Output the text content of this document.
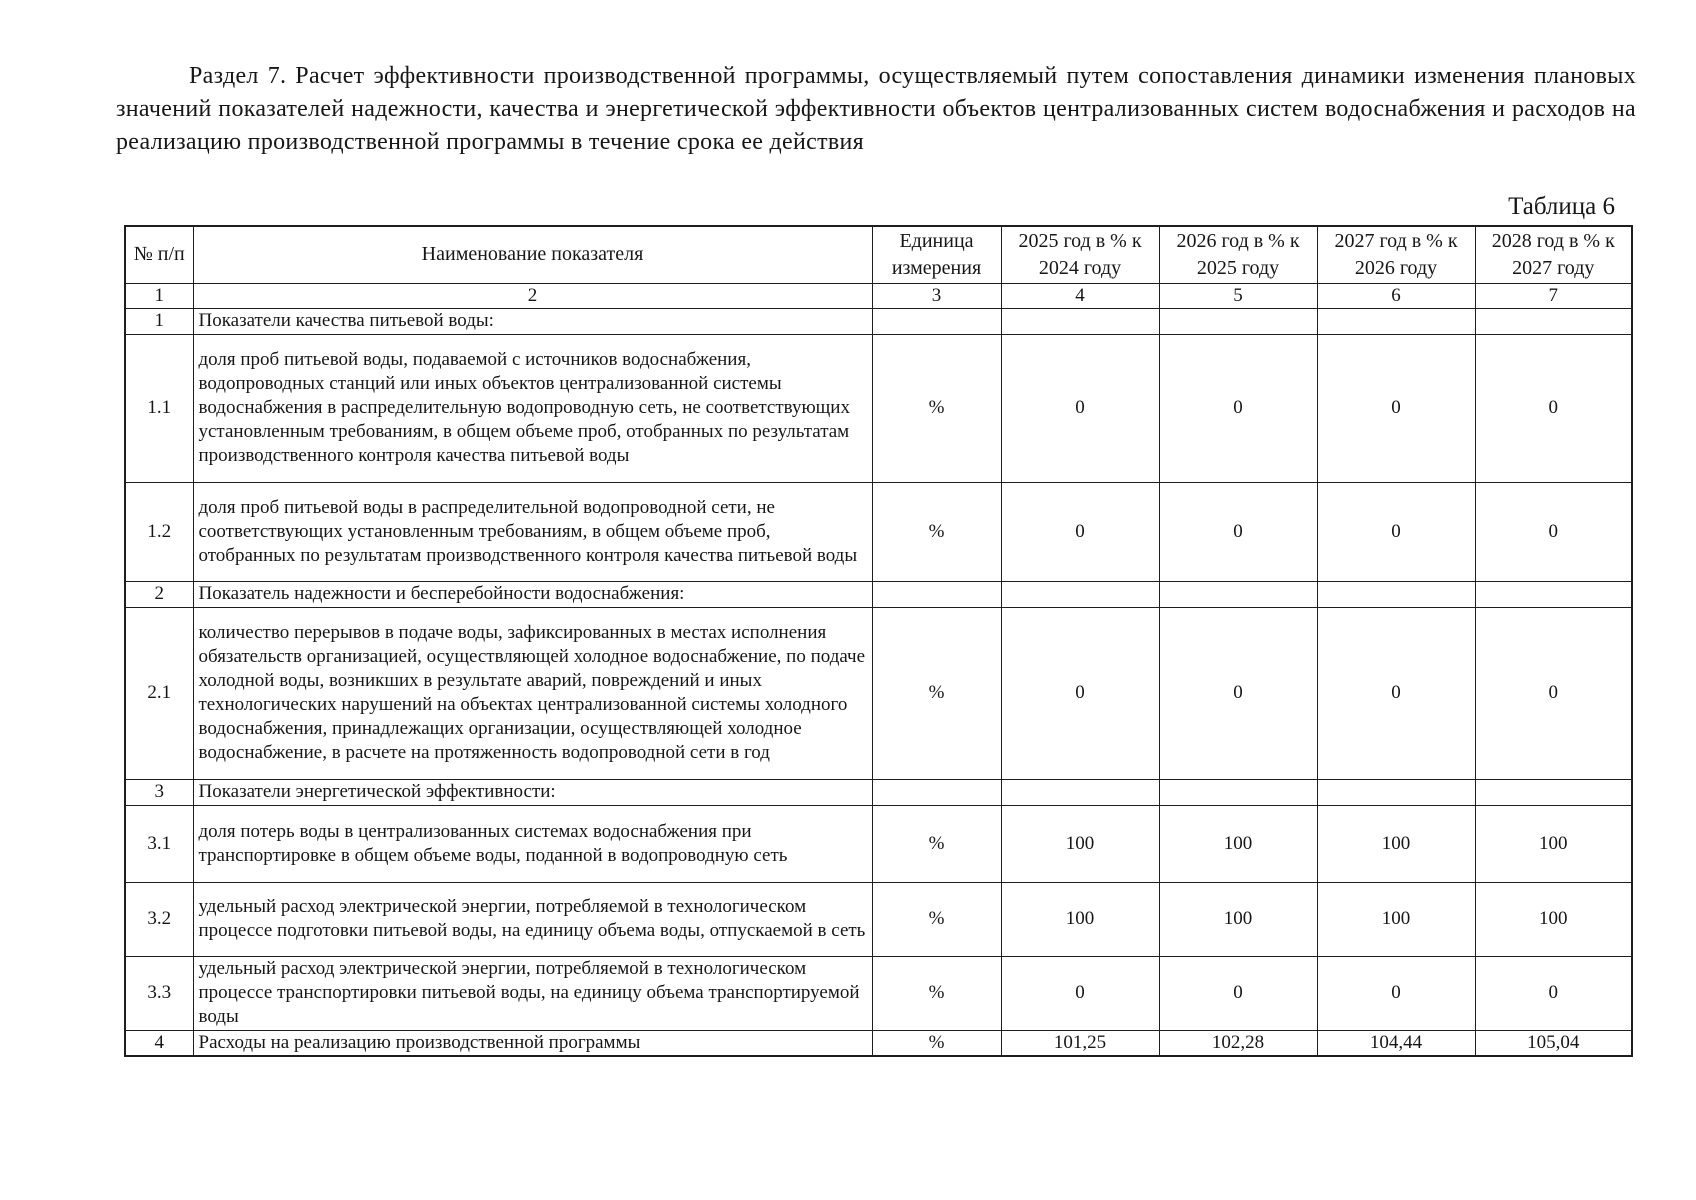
Раздел 7. Расчет эффективности производственной программы, осуществляемый путем сопоставления динамики изменения плановых значений показателей надежности, качества и энергетической эффективности объектов централизованных систем водоснабжения и расходов на реализацию производственной программы в течение срока ее действия

Таблица 6

№ п/п	Наименование показателя	Единица измерения	2025 год в % к 2024 году	2026 год в % к 2025 году	2027 год в % к 2026 году	2028 год в % к 2027 году
1	2	3	4	5	6	7
1	Показатели качества питьевой воды:					
1.1	доля проб питьевой воды, подаваемой с источников водоснабжения, водопроводных станций или иных объектов централизованной системы водоснабжения в распределительную водопроводную сеть, не соответствующих установленным требованиям, в общем объеме проб, отобранных по результатам производственного контроля качества питьевой воды	%	0	0	0	0
1.2	доля проб питьевой воды в распределительной водопроводной сети, не соответствующих установленным требованиям, в общем объеме проб, отобранных по результатам производственного контроля качества питьевой воды	%	0	0	0	0
2	Показатель надежности и бесперебойности водоснабжения:					
2.1	количество перерывов в подаче воды, зафиксированных в местах исполнения обязательств организацией, осуществляющей холодное водоснабжение, по подаче холодной воды, возникших в результате аварий, повреждений и иных технологических нарушений на объектах централизованной системы холодного водоснабжения, принадлежащих организации, осуществляющей холодное водоснабжение, в расчете на протяженность водопроводной сети в год	%	0	0	0	0
3	Показатели энергетической эффективности:					
3.1	доля потерь воды в централизованных системах водоснабжения при транспортировке в общем объеме воды, поданной в водопроводную сеть	%	100	100	100	100
3.2	удельный расход электрической энергии, потребляемой в технологическом процессе подготовки питьевой воды, на единицу объема воды, отпускаемой в сеть	%	100	100	100	100
3.3	удельный расход электрической энергии, потребляемой в технологическом процессе транспортировки питьевой воды, на единицу объема транспортируемой воды	%	0	0	0	0
4	Расходы на реализацию производственной программы	%	101,25	102,28	104,44	105,04
